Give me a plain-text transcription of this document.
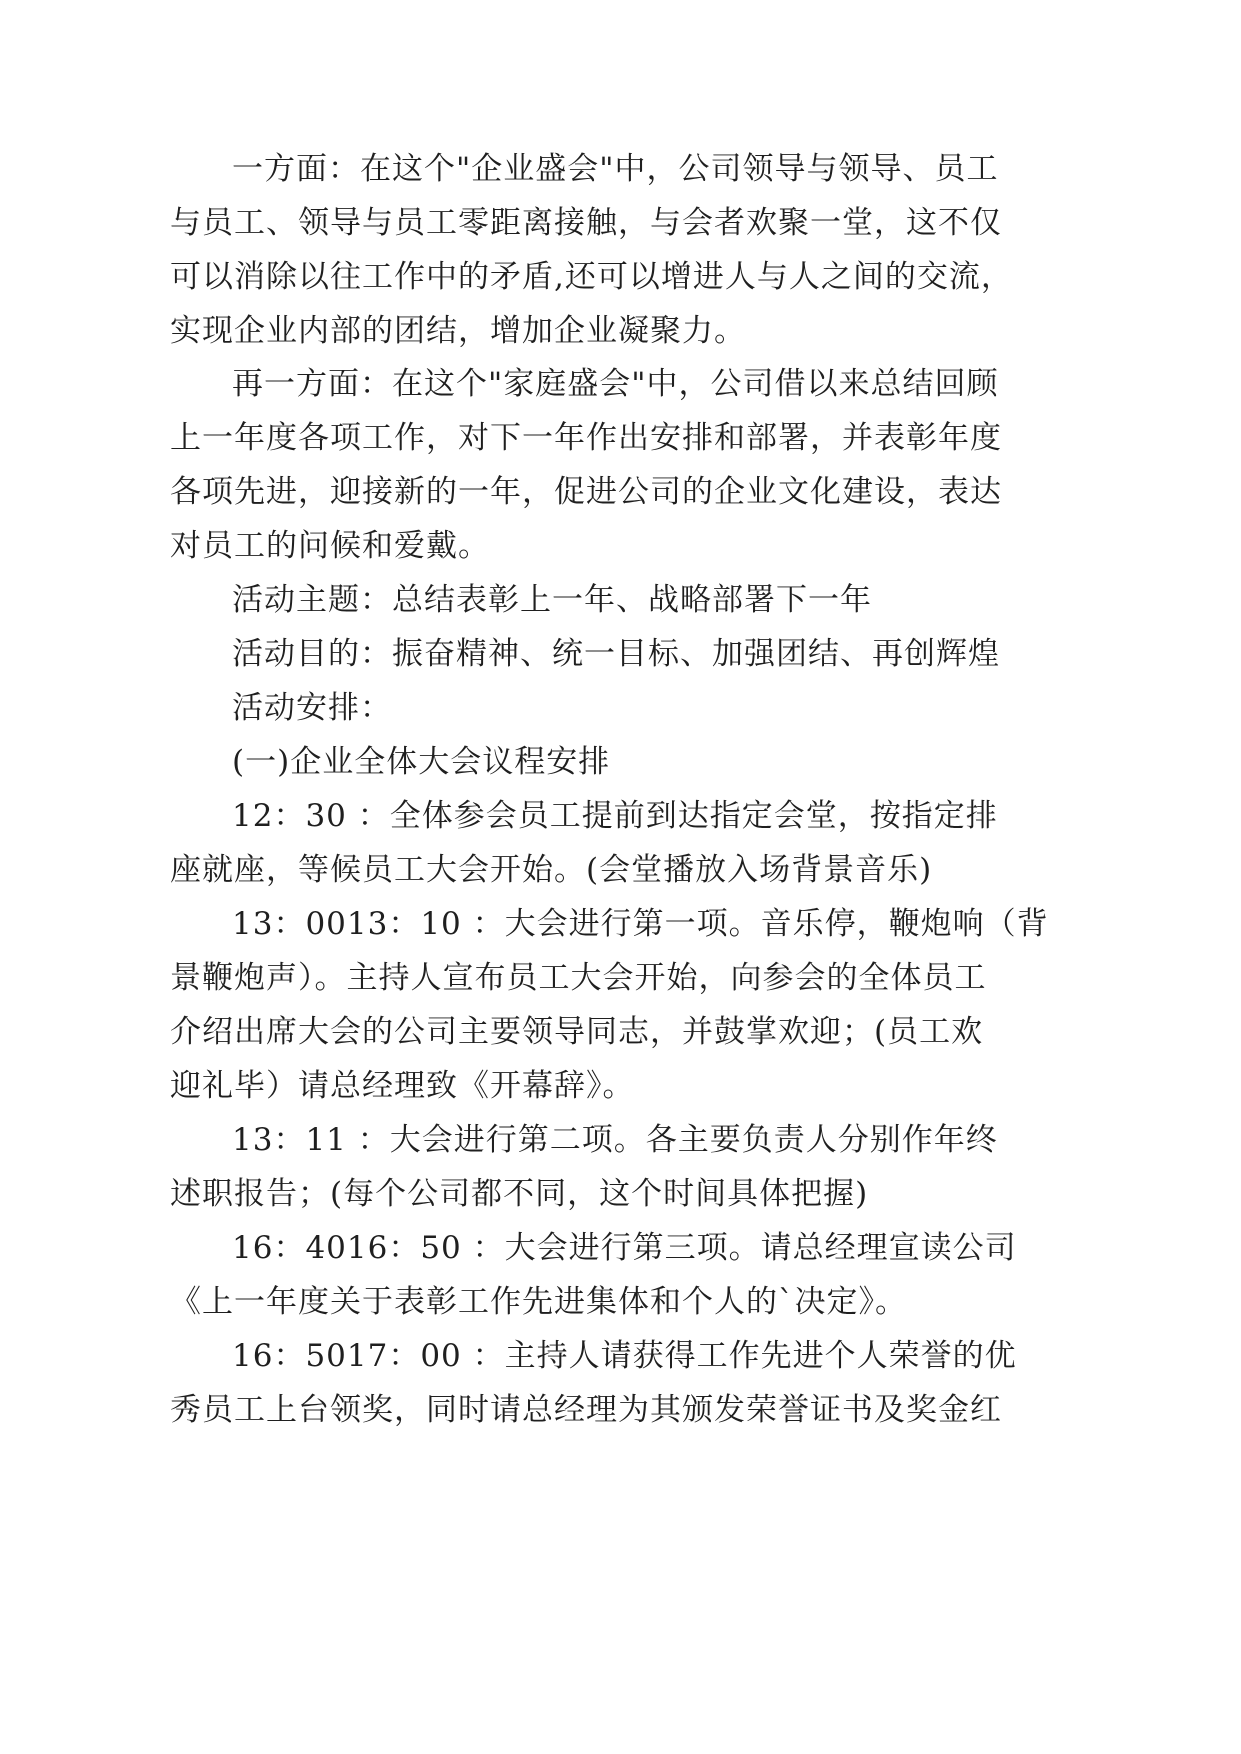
一方面：在这个"企业盛会"中，公司领导与领导、员工
与员工、领导与员工零距离接触，与会者欢聚一堂，这不仅
可以消除以往工作中的矛盾,还可以增进人与人之间的交流，
实现企业内部的团结，增加企业凝聚力。
再一方面：在这个"家庭盛会"中，公司借以来总结回顾
上一年度各项工作，对下一年作出安排和部署，并表彰年度
各项先进，迎接新的一年，促进公司的企业文化建设，表达
对员工的问候和爱戴。
活动主题：总结表彰上一年、战略部署下一年
活动目的：振奋精神、统一目标、加强团结、再创辉煌
活动安排：
(一)企业全体大会议程安排
12：30 ：全体参会员工提前到达指定会堂，按指定排
座就座，等候员工大会开始。(会堂播放入场背景音乐)
13：0013：10 ：大会进行第一项。音乐停，鞭炮响（背
景鞭炮声）。主持人宣布员工大会开始，向参会的全体员工
介绍出席大会的公司主要领导同志，并鼓掌欢迎；(员工欢
迎礼毕）请总经理致《开幕辞》。
13：11 ：大会进行第二项。各主要负责人分别作年终
述职报告；(每个公司都不同，这个时间具体把握)
16：4016：50 ：大会进行第三项。请总经理宣读公司
《上一年度关于表彰工作先进集体和个人的`决定》。
16：5017：00 ：主持人请获得工作先进个人荣誉的优
秀员工上台领奖，同时请总经理为其颁发荣誉证书及奖金红
